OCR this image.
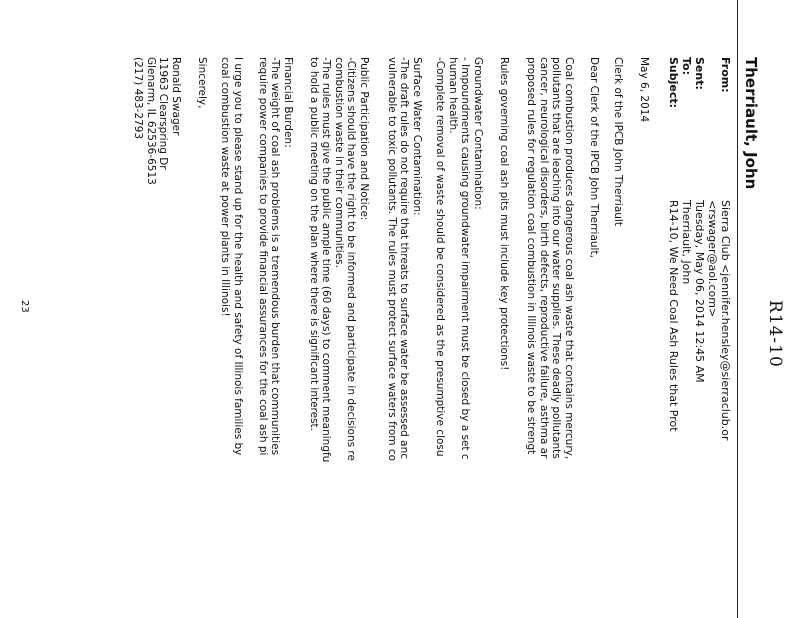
R14-10
Therriault, John
From:
Sierra Club <jennifer.hensley@sierraclub.or
<rswager@aol.com>
Sent:
Tuesday, May 06, 2014 12:45 AM
To:
Therriault, John
Subject:
R14-10, We Need Coal Ash Rules that Prot
May 6, 2014
Clerk of the IPCB John Therriault
Dear Clerk of the IPCB John Therriault,
Coal combustion produces dangerous coal ash waste that contains mercury,
pollutants that are leaching into our water supplies. These deadly pollutants
cancer, neurological disorders, birth defects, reproductive failure, asthma ar
proposed rules for regulation coal combustion in Illinois waste to be strengt
Rules governing coal ash pits must include key protections!
Groundwater Contamination:
- Impoundments causing groundwater impairment must be closed by a set c
human health.
-Complete removal of waste should be considered as the presumptive closu
Surface Water Contamination:
-The draft rules do not require that threats to surface water be assessed anc
vulnerable to toxic pollutants. The rules must protect surface waters from co
Public Participation and Notice:
-Citizens should have the right to be informed and participate in decisions re
combustion waste in their communities.
-The rules must give the public ample time (60 days) to comment meaningfu
to hold a public meeting on the plan where there is significant interest.
Financial Burden:
-The weight of coal ash problems is a tremendous burden that communities
require power companies to provide financial assurances for the coal ash pi
I urge you to please stand up for the health and safety of Illinois families by
coal combustion waste at power plants in Illinois!
Sincerely,
Ronald Swager
11963 Clearspring Dr
Glenarm, IL 62536-6513
(217) 483-2793
23
